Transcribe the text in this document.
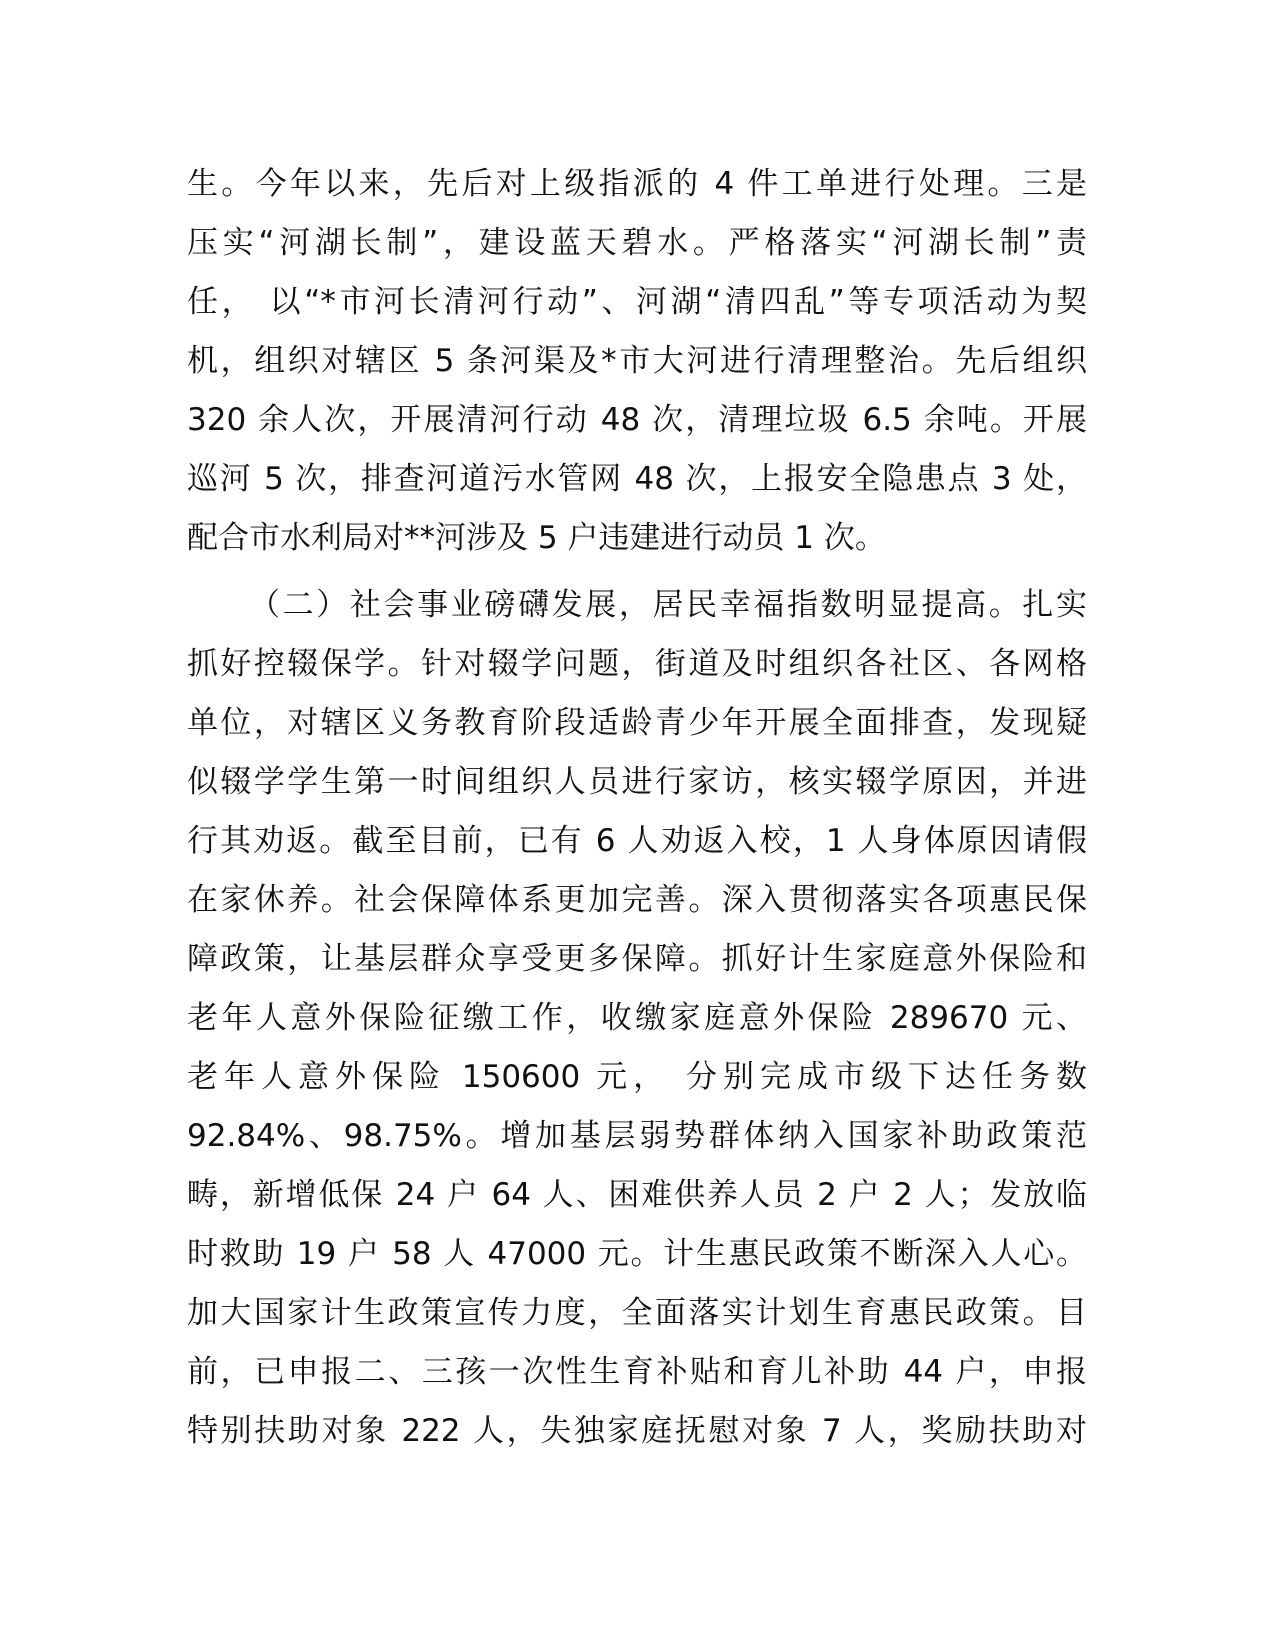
生。今年以来，先后对上级指派的 4 件工单进行处理。三是
压实“河湖长制”，建设蓝天碧水。严格落实“河湖长制”责
任， 以“*市河长清河行动”、河湖“清四乱”等专项活动为契
机，组织对辖区 5 条河渠及*市大河进行清理整治。先后组织
320 余人次，开展清河行动 48 次，清理垃圾 6.5 余吨。开展
巡河 5 次，排查河道污水管网 48 次，上报安全隐患点 3 处，
配合市水利局对**河涉及 5 户违建进行动员 1 次。
（二）社会事业磅礴发展，居民幸福指数明显提高。扎实
抓好控辍保学。针对辍学问题，街道及时组织各社区、各网格
单位，对辖区义务教育阶段适龄青少年开展全面排查，发现疑
似辍学学生第一时间组织人员进行家访，核实辍学原因，并进
行其劝返。截至目前，已有 6 人劝返入校，1 人身体原因请假
在家休养。社会保障体系更加完善。深入贯彻落实各项惠民保
障政策，让基层群众享受更多保障。抓好计生家庭意外保险和
老年人意外保险征缴工作，收缴家庭意外保险 289670 元、
老年人意外保险 150600 元， 分别完成市级下达任务数
92.84%、98.75%。增加基层弱势群体纳入国家补助政策范
畴，新增低保 24 户 64 人、困难供养人员 2 户 2 人；发放临
时救助 19 户 58 人 47000 元。计生惠民政策不断深入人心。
加大国家计生政策宣传力度，全面落实计划生育惠民政策。目
前，已申报二、三孩一次性生育补贴和育儿补助 44 户，申报
特别扶助对象 222 人，失独家庭抚慰对象 7 人，奖励扶助对
